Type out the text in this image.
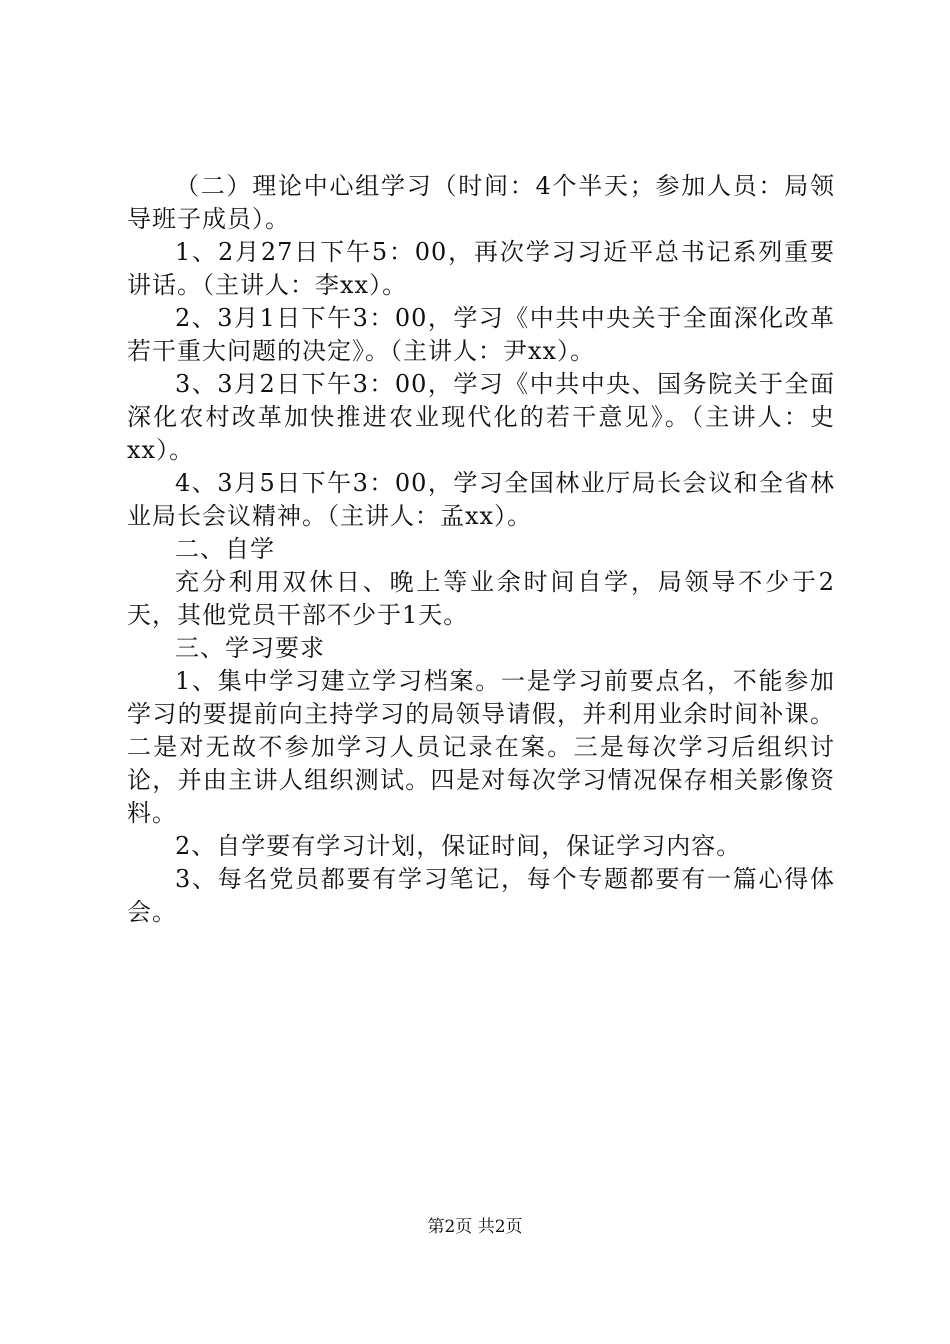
（二）理论中心组学习（时间：4个半天；参加人员：局领导班子成员）。

1、2月27日下午5：00，再次学习习近平总书记系列重要讲话。（主讲人：李xx）。

2、3月1日下午3：00，学习《中共中央关于全面深化改革若干重大问题的决定》。（主讲人：尹xx）。

3、3月2日下午3：00，学习《中共中央、国务院关于全面深化农村改革加快推进农业现代化的若干意见》。（主讲人：史xx）。

4、3月5日下午3：00，学习全国林业厅局长会议和全省林业局长会议精神。（主讲人：孟xx）。

二、自学

充分利用双休日、晚上等业余时间自学，局领导不少于2天，其他党员干部不少于1天。

三、学习要求

1、集中学习建立学习档案。一是学习前要点名，不能参加学习的要提前向主持学习的局领导请假，并利用业余时间补课。二是对无故不参加学习人员记录在案。三是每次学习后组织讨论，并由主讲人组织测试。四是对每次学习情况保存相关影像资料。

2、自学要有学习计划，保证时间，保证学习内容。

3、每名党员都要有学习笔记，每个专题都要有一篇心得体会。

第2页 共2页
